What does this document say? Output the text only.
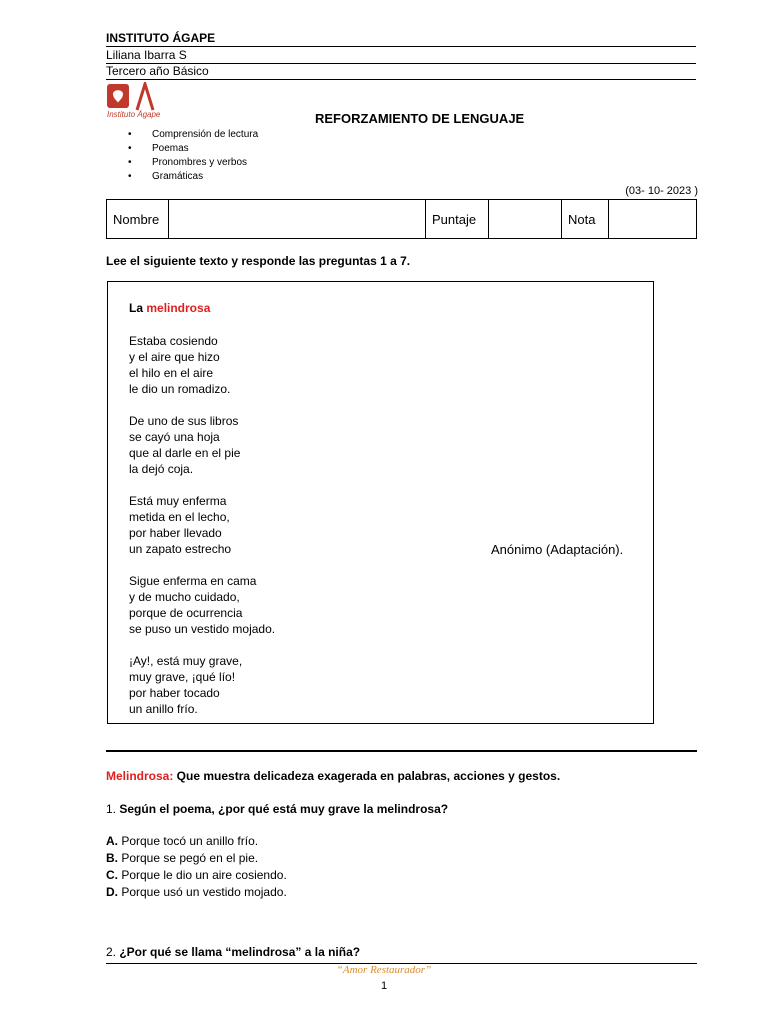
INSTITUTO ÁGAPE
Liliana Ibarra S
Tercero año Básico
Instituto Ágape	REFORZAMIENTO DE LENGUAJE
• Comprensión de lectura
• Poemas
• Pronombres y verbos
• Gramáticas
(03- 10- 2023 )
Nombre		Puntaje		Nota	
Lee el siguiente texto y responde las preguntas 1 a 7.
La melindrosa
Estaba cosiendo
y el aire que hizo
el hilo en el aire
le dio un romadizo.
De uno de sus libros
se cayó una hoja
que al darle en el pie
la dejó coja.
Está muy enferma
metida en el lecho,
por haber llevado
un zapato estrecho
Sigue enferma en cama
y de mucho cuidado,
porque de ocurrencia
se puso un vestido mojado.
¡Ay!, está muy grave,
muy grave, ¡qué lío!
por haber tocado
un anillo frío.
Anónimo (Adaptación).
Melindrosa: Que muestra delicadeza exagerada en palabras, acciones y gestos.
1. Según el poema, ¿por qué está muy grave la melindrosa?
A. Porque tocó un anillo frío.
B. Porque se pegó en el pie.
C. Porque le dio un aire cosiendo.
D. Porque usó un vestido mojado.
2. ¿Por qué se llama “melindrosa” a la niña?
“Amor Restaurador”
1
